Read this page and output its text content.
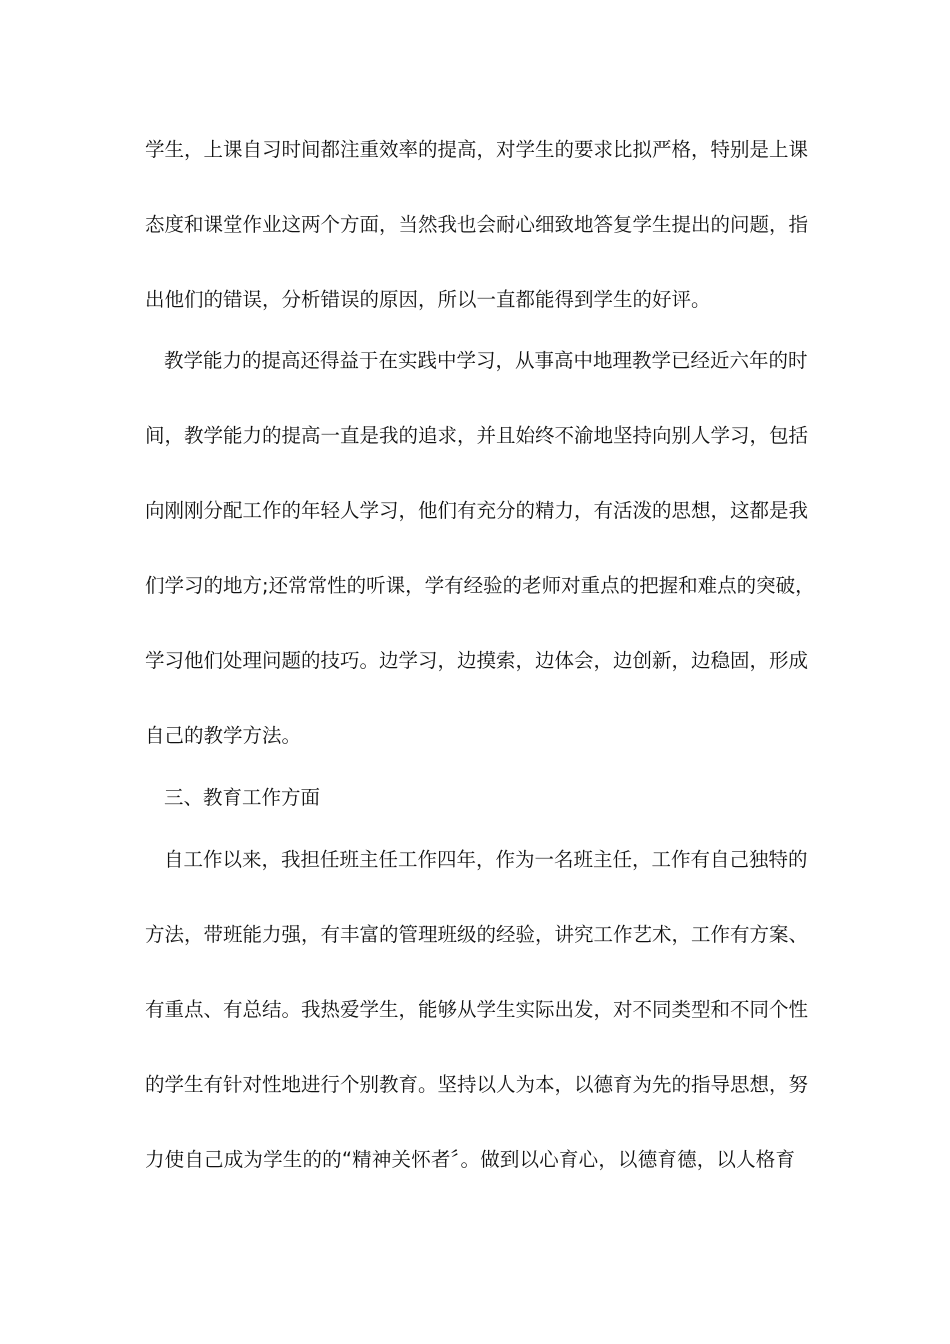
学生，上课自习时间都注重效率的提高，对学生的要求比拟严格，特别是上课
态度和课堂作业这两个方面，当然我也会耐心细致地答复学生提出的问题，指
出他们的错误，分析错误的原因，所以一直都能得到学生的好评。
教学能力的提高还得益于在实践中学习，从事高中地理教学已经近六年的时
间，教学能力的提高一直是我的追求，并且始终不渝地坚持向别人学习，包括
向刚刚分配工作的年轻人学习，他们有充分的精力，有活泼的思想，这都是我
们学习的地方;还常常性的听课，学有经验的老师对重点的把握和难点的突破，
学习他们处理问题的技巧。边学习，边摸索，边体会，边创新，边稳固，形成
自己的教学方法。
三、教育工作方面
自工作以来，我担任班主任工作四年，作为一名班主任，工作有自己独特的
方法，带班能力强，有丰富的管理班级的经验，讲究工作艺术，工作有方案、
有重点、有总结。我热爱学生，能够从学生实际出发，对不同类型和不同个性
的学生有针对性地进行个别教育。坚持以人为本，以德育为先的指导思想，努
力使自己成为学生的的“精神关怀者〞。做到以心育心，以德育德，以人格育
